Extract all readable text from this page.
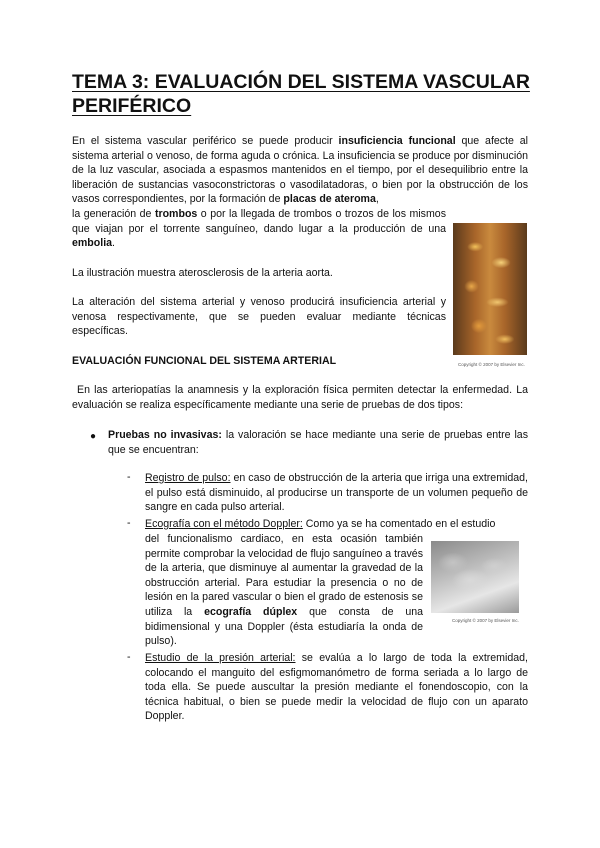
TEMA 3: EVALUACIÓN DEL SISTEMA VASCULAR PERIFÉRICO

En el sistema vascular periférico se puede producir insuficiencia funcional que afecte al sistema arterial o venoso, de forma aguda o crónica. La insuficiencia se produce por disminución de la luz vascular, asociada a espasmos mantenidos en el tiempo, por el desequilibrio entre la liberación de sustancias vasoconstrictoras o vasodilatadoras, o bien por la obstrucción de los vasos correspondientes, por la formación de placas de ateroma,

la generación de trombos o por la llegada de trombos o trozos de los mismos que viajan por el torrente sanguíneo, dando lugar a la producción de una embolia.

La ilustración muestra aterosclerosis de la arteria aorta.

La alteración del sistema arterial y venoso producirá insuficiencia arterial y venosa respectivamente, que se pueden evaluar mediante técnicas específicas.

Copyright © 2007 by Elsevier Inc.

EVALUACIÓN FUNCIONAL DEL SISTEMA ARTERIAL

En las arteriopatías la anamnesis y la exploración física permiten detectar la enfermedad. La evaluación se realiza específicamente mediante una serie de pruebas de dos tipos:

● Pruebas no invasivas: la valoración se hace mediante una serie de pruebas entre las que se encuentran:

- Registro de pulso: en caso de obstrucción de la arteria que irriga una extremidad, el pulso está disminuido, al producirse un transporte de un volumen pequeño de sangre en cada pulso arterial.

- Ecografía con el método Doppler: Como ya se ha comentado en el estudio

del funcionalismo cardiaco, en esta ocasión también permite comprobar la velocidad de flujo sanguíneo a través de la arteria, que disminuye al aumentar la gravedad de la obstrucción arterial. Para estudiar la presencia o no de lesión en la pared vascular o bien el grado de estenosis se utiliza la ecografía dúplex que consta de una bidimensional y una Doppler (ésta estudiaría la onda de pulso).

Copyright © 2007 by Elsevier Inc.
- Estudio de la presión arterial: se evalúa a lo largo de toda la extremidad, colocando el manguito del esfigmomanómetro de forma seriada a lo largo de toda ella. Se puede auscultar la presión mediante el fonendoscopio, con la técnica habitual, o bien se puede medir la velocidad de flujo con un aparato Doppler.
